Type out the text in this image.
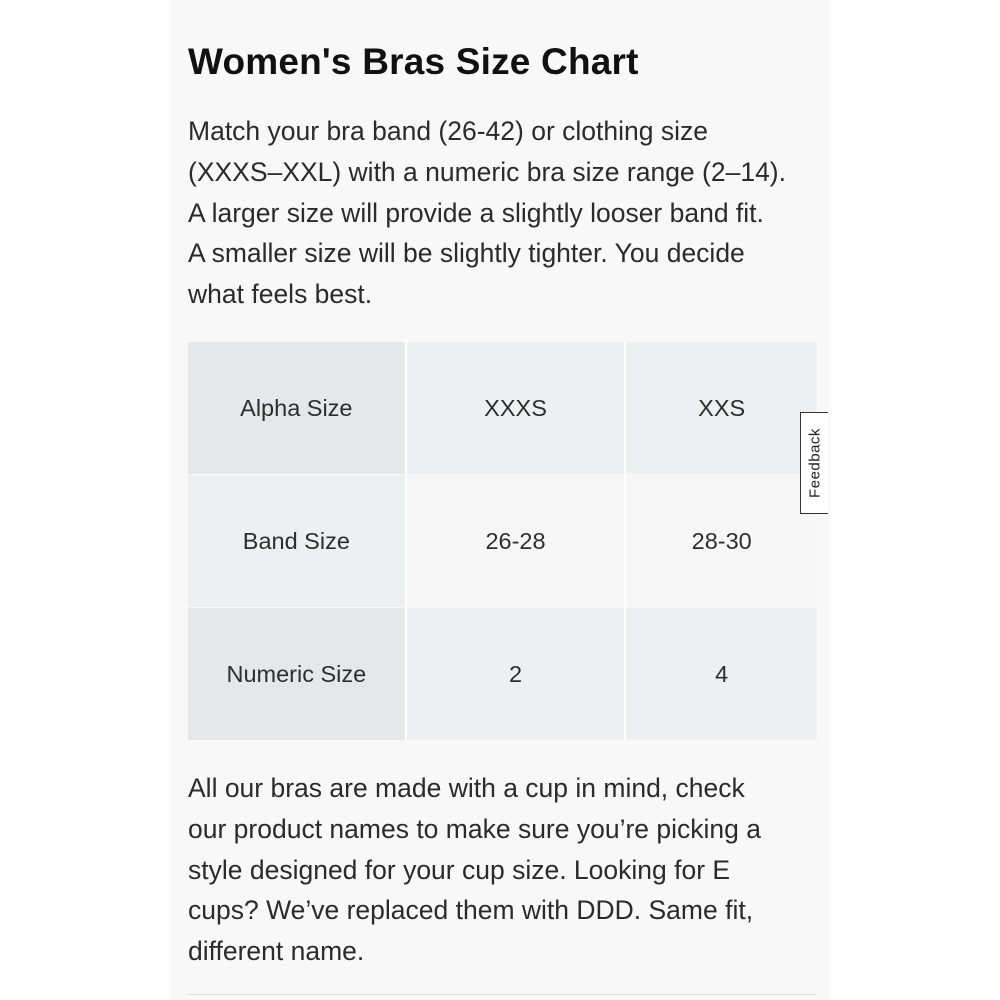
Women's Bras Size Chart

Match your bra band (26-42) or clothing size
(XXXS–XXL) with a numeric bra size range (2–14).
A larger size will provide a slightly looser band fit.
A smaller size will be slightly tighter. You decide
what feels best.

Alpha Size	XXXS	XXS
Band Size	26-28	28-30
Numeric Size	2	4
Feedback

All our bras are made with a cup in mind, check
our product names to make sure you’re picking a
style designed for your cup size. Looking for E
cups? We’ve replaced them with DDD. Same fit,
different name.
